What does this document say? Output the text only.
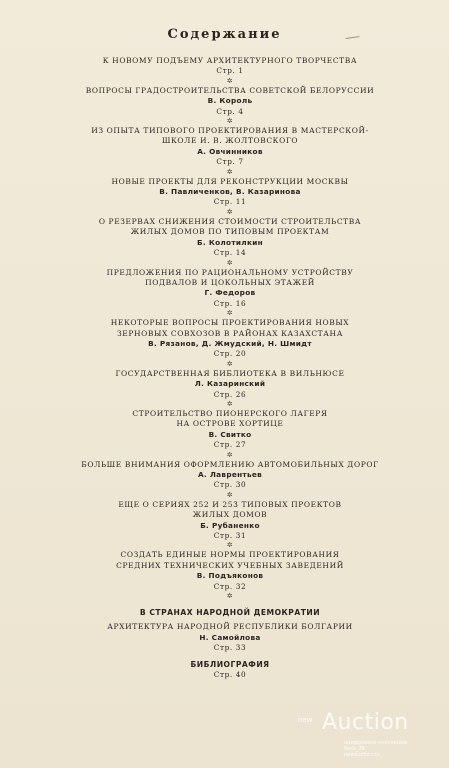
Содержание
К НОВОМУ ПОДЪЕМУ АРХИТЕКТУРНОГО ТВОРЧЕСТВА
Стр. 1
✲
ВОПРОСЫ ГРАДОСТРОИТЕЛЬСТВА СОВЕТСКОЙ БЕЛОРУССИИ
В. Король
Стр. 4
✲
ИЗ ОПЫТА ТИПОВОГО ПРОЕКТИРОВАНИЯ В МАСТЕРСКОЙ-
ШКОЛЕ И. В. ЖОЛТОВСКОГО
А. Овчинников
Стр. 7
✲
НОВЫЕ ПРОЕКТЫ ДЛЯ РЕКОНСТРУКЦИИ МОСКВЫ
В. Павличенков, В. Казаринова
Стр. 11
✲
О РЕЗЕРВАХ СНИЖЕНИЯ СТОИМОСТИ СТРОИТЕЛЬСТВА
ЖИЛЫХ ДОМОВ ПО ТИПОВЫМ ПРОЕКТАМ
Б. Колотилкин
Стр. 14
✲
ПРЕДЛОЖЕНИЯ ПО РАЦИОНАЛЬНОМУ УСТРОЙСТВУ
ПОДВАЛОВ И ЦОКОЛЬНЫХ ЭТАЖЕЙ
Г. Федоров
Стр. 16
✲
НЕКОТОРЫЕ ВОПРОСЫ ПРОЕКТИРОВАНИЯ НОВЫХ
ЗЕРНОВЫХ СОВХОЗОВ В РАЙОНАХ КАЗАХСТАНА
В. Рязанов, Д. Жмудский, Н. Шмидт
Стр. 20
✲
ГОСУДАРСТВЕННАЯ БИБЛИОТЕКА В ВИЛЬНЮСЕ
Л. Казаринский
Стр. 26
✲
СТРОИТЕЛЬСТВО ПИОНЕРСКОГО ЛАГЕРЯ
НА ОСТРОВЕ ХОРТИЦЕ
В. Свитко
Стр. 27
✲
БОЛЬШЕ ВНИМАНИЯ ОФОРМЛЕНИЮ АВТОМОБИЛЬНЫХ ДОРОГ
А. Лаврентьев
Стр. 30
✲
ЕЩЕ О СЕРИЯХ 252 И 253 ТИПОВЫХ ПРОЕКТОВ
ЖИЛЫХ ДОМОВ
Б. Рубаненко
Стр. 31
✲
СОЗДАТЬ ЕДИНЫЕ НОРМЫ ПРОЕКТИРОВАНИЯ
СРЕДНИХ ТЕХНИЧЕСКИХ УЧЕБНЫХ ЗАВЕДЕНИЙ
В. Подъяконов
Стр. 32
✲
В СТРАНАХ НАРОДНОЙ ДЕМОКРАТИИ
АРХИТЕКТУРА НАРОДНОЙ РЕСПУБЛИКИ БОЛГАРИИ
Н. Самойлова
Стр. 33
БИБЛИОГРАФИЯ
Стр. 40
new Auction
оцифровано коллекцию
Rock_78
newauction.ru
